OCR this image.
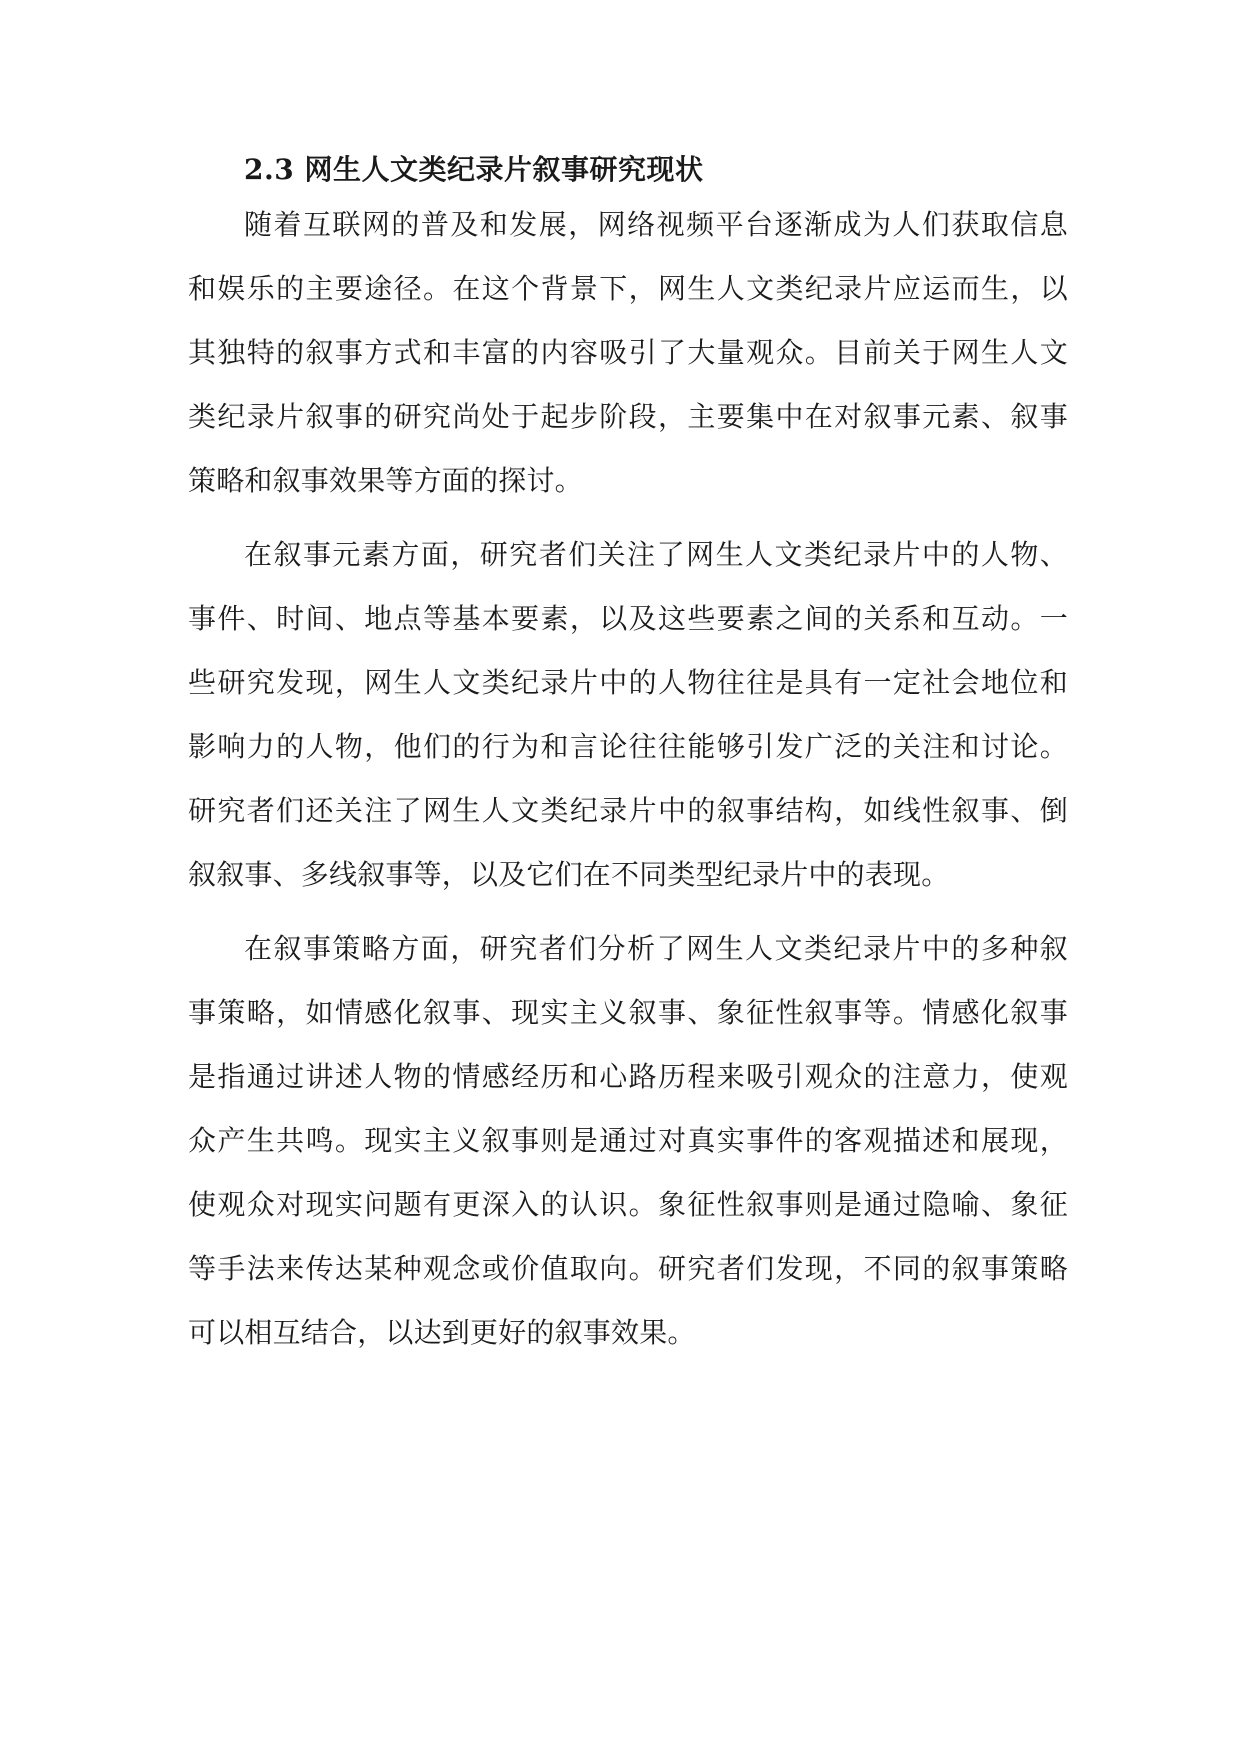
2.3 网生人文类纪录片叙事研究现状

随着互联网的普及和发展，网络视频平台逐渐成为人们获取信息

和娱乐的主要途径。在这个背景下，网生人文类纪录片应运而生，以

其独特的叙事方式和丰富的内容吸引了大量观众。目前关于网生人文

类纪录片叙事的研究尚处于起步阶段，主要集中在对叙事元素、叙事

策略和叙事效果等方面的探讨。

在叙事元素方面，研究者们关注了网生人文类纪录片中的人物、

事件、时间、地点等基本要素，以及这些要素之间的关系和互动。一

些研究发现，网生人文类纪录片中的人物往往是具有一定社会地位和

影响力的人物，他们的行为和言论往往能够引发广泛的关注和讨论。

研究者们还关注了网生人文类纪录片中的叙事结构，如线性叙事、倒

叙叙事、多线叙事等，以及它们在不同类型纪录片中的表现。

在叙事策略方面，研究者们分析了网生人文类纪录片中的多种叙

事策略，如情感化叙事、现实主义叙事、象征性叙事等。情感化叙事

是指通过讲述人物的情感经历和心路历程来吸引观众的注意力，使观

众产生共鸣。现实主义叙事则是通过对真实事件的客观描述和展现，

使观众对现实问题有更深入的认识。象征性叙事则是通过隐喻、象征

等手法来传达某种观念或价值取向。研究者们发现，不同的叙事策略

可以相互结合，以达到更好的叙事效果。
